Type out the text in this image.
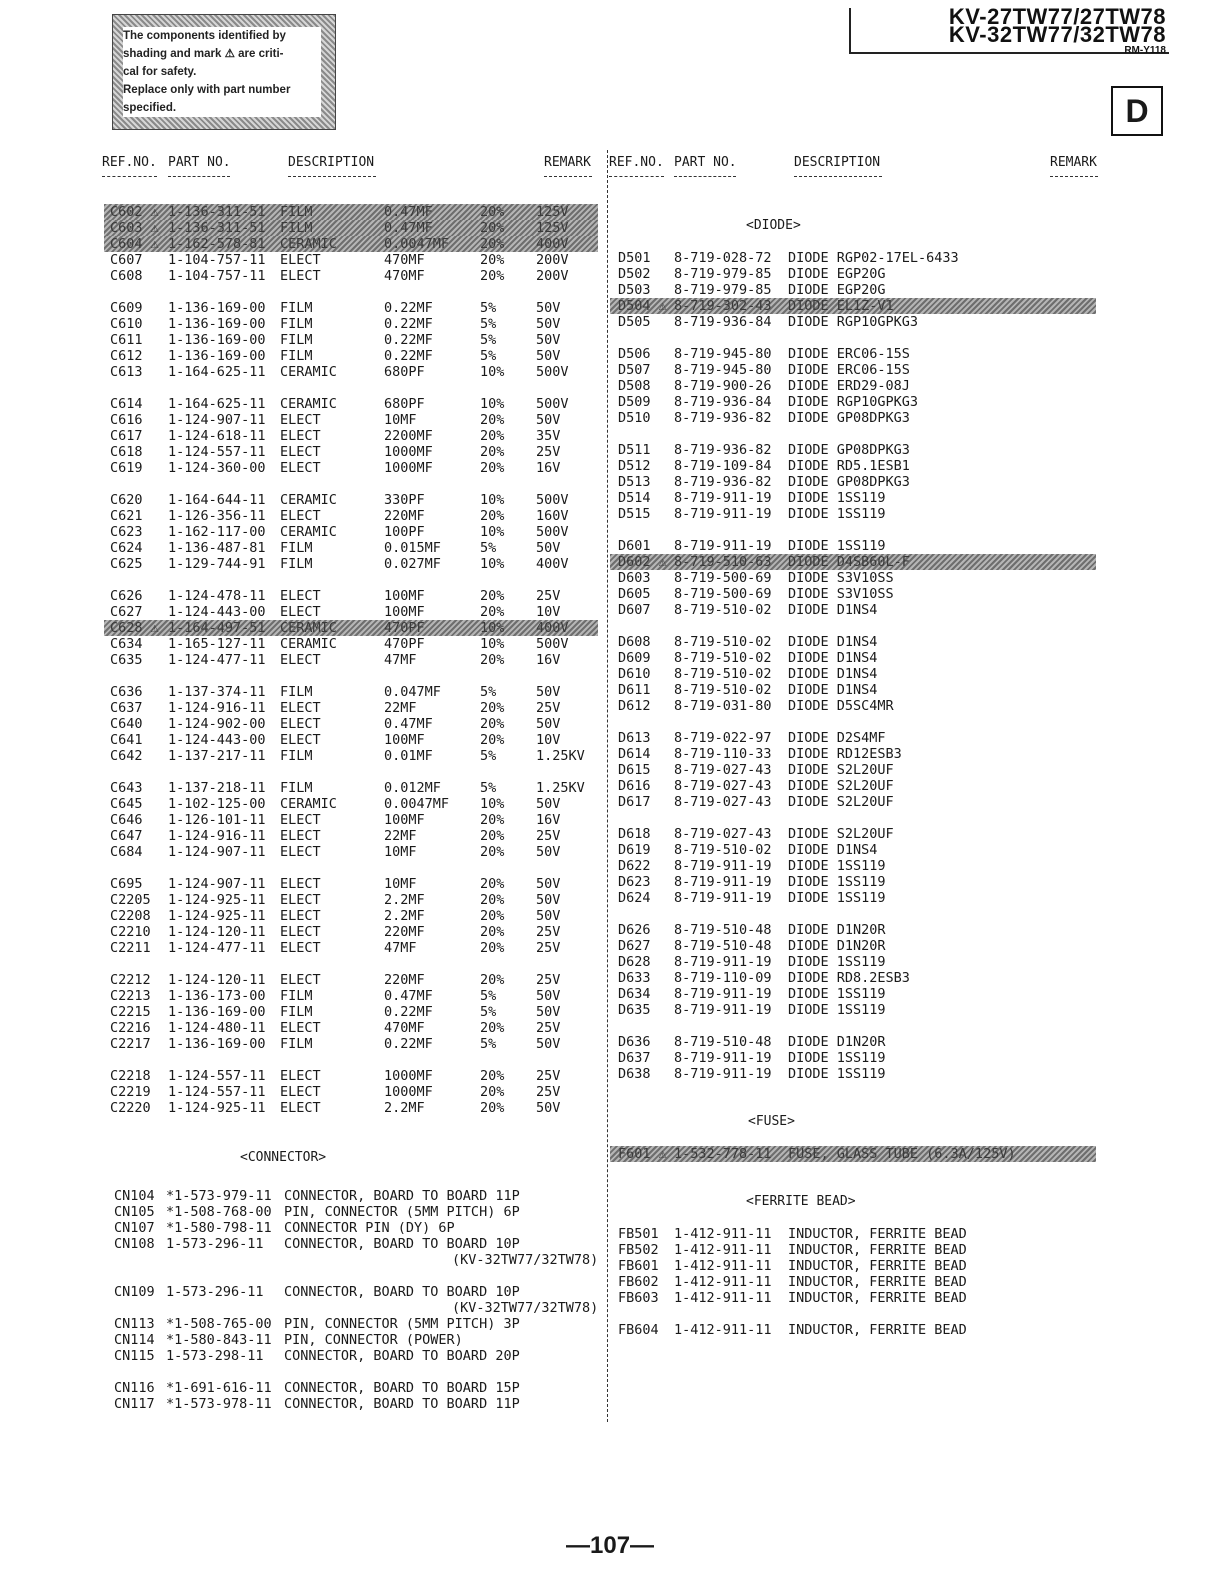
The components identified by
shading and mark ⚠ are criti-
cal for safety.
Replace only with part number
specified.
KV-27TW77/27TW78
KV-32TW77/32TW78
RM-Y118
D
REF.NO. PART NO.	DESCRIPTION	REMARK REF.NO. PART NO.	DESCRIPTION	REMARK
C602 ⚠ 1-136-311-51 FILM	0.47MF	20% 125V
C603 ⚠ 1-136-311-51 FILM	0.47MF	20% 125V
C604 ⚠ 1-162-578-81 CERAMIC	0.0047MF 20% 400V
C607 1-104-757-11 ELECT	470MF	20% 200V
C608 1-104-757-11 ELECT	470MF	20% 200V
C609 1-136-169-00 FILM	0.22MF	5%	50V
C610 1-136-169-00 FILM	0.22MF	5%	50V
C611 1-136-169-00 FILM	0.22MF	5%	50V
C612 1-136-169-00 FILM	0.22MF	5%	50V
C613 1-164-625-11 CERAMIC	680PF	10% 500V
C614 1-164-625-11 CERAMIC	680PF	10% 500V
C616 1-124-907-11 ELECT	10MF	20% 50V
C617 1-124-618-11 ELECT	2200MF	20% 35V
C618 1-124-557-11 ELECT	1000MF	20% 25V
C619 1-124-360-00 ELECT	1000MF	20% 16V
C620 1-164-644-11 CERAMIC	330PF	10% 500V
C621 1-126-356-11 ELECT	220MF	20% 160V
C623 1-162-117-00 CERAMIC	100PF	10% 500V
C624 1-136-487-81 FILM	0.015MF	5%	50V
C625 1-129-744-91 FILM	0.027MF	10% 400V
C626 1-124-478-11 ELECT	100MF	20% 25V
C627 1-124-443-00 ELECT	100MF	20% 10V
C628 ⚠ 1-164-497-51 CERAMIC	470PF	10% 400V
C634 1-165-127-11 CERAMIC	470PF	10% 500V
C635 1-124-477-11 ELECT	47MF	20% 16V
C636 1-137-374-11 FILM	0.047MF	5%	50V
C637 1-124-916-11 ELECT	22MF	20% 25V
C640 1-124-902-00 ELECT	0.47MF	20% 50V
C641 1-124-443-00 ELECT	100MF	20% 10V
C642 1-137-217-11 FILM	0.01MF	5%	1.25KV
C643 1-137-218-11 FILM	0.012MF	5%	1.25KV
C645 1-102-125-00 CERAMIC	0.0047MF 10% 50V
C646 1-126-101-11 ELECT	100MF	20% 16V
C647 1-124-916-11 ELECT	22MF	20% 25V
C684 1-124-907-11 ELECT	10MF	20% 50V
C695 1-124-907-11 ELECT	10MF	20% 50V
C2205 1-124-925-11 ELECT	2.2MF	20% 50V
C2208 1-124-925-11 ELECT	2.2MF	20% 50V
C2210 1-124-120-11 ELECT	220MF	20% 25V
C2211 1-124-477-11 ELECT	47MF	20% 25V
C2212 1-124-120-11 ELECT	220MF	20% 25V
C2213 1-136-173-00 FILM	0.47MF	5%	50V
C2215 1-136-169-00 FILM	0.22MF	5%	50V
C2216 1-124-480-11 ELECT	470MF	20% 25V
C2217 1-136-169-00 FILM	0.22MF	5%	50V
C2218 1-124-557-11 ELECT	1000MF	20% 25V
C2219 1-124-557-11 ELECT	1000MF	20% 25V
C2220 1-124-925-11 ELECT	2.2MF	20% 50V
<CONNECTOR>
CN104 *1-573-979-11 CONNECTOR, BOARD TO BOARD 11P
CN105 *1-508-768-00 PIN, CONNECTOR (5MM PITCH) 6P
CN107 *1-580-798-11 CONNECTOR PIN (DY) 6P
CN108 1-573-296-11 CONNECTOR, BOARD TO BOARD 10P
(KV-32TW77/32TW78)
CN109 1-573-296-11 CONNECTOR, BOARD TO BOARD 10P
(KV-32TW77/32TW78)
CN113 *1-508-765-00 PIN, CONNECTOR (5MM PITCH) 3P
CN114 *1-580-843-11 PIN, CONNECTOR (POWER)
CN115 1-573-298-11 CONNECTOR, BOARD TO BOARD 20P
CN116 *1-691-616-11 CONNECTOR, BOARD TO BOARD 15P
CN117 *1-573-978-11 CONNECTOR, BOARD TO BOARD 11P
<DIODE>
D501 8-719-028-72 DIODE RGP02-17EL-6433
D502 8-719-979-85 DIODE EGP20G
D503 8-719-979-85 DIODE EGP20G
D504 ⚠ 8-719-302-43 DIODE EL1Z-V1
D505 8-719-936-84 DIODE RGP10GPKG3
D506 8-719-945-80 DIODE ERC06-15S
D507 8-719-945-80 DIODE ERC06-15S
D508 8-719-900-26 DIODE ERD29-08J
D509 8-719-936-84 DIODE RGP10GPKG3
D510 8-719-936-82 DIODE GP08DPKG3
D511 8-719-936-82 DIODE GP08DPKG3
D512 8-719-109-84 DIODE RD5.1ESB1
D513 8-719-936-82 DIODE GP08DPKG3
D514 8-719-911-19 DIODE 1SS119
D515 8-719-911-19 DIODE 1SS119
D601 8-719-911-19 DIODE 1SS119
D602 ⚠ 8-719-510-63 DIODE D4SB60L-F
D603 8-719-500-69 DIODE S3V10SS
D605 8-719-500-69 DIODE S3V10SS
D607 8-719-510-02 DIODE D1NS4
D608 8-719-510-02 DIODE D1NS4
D609 8-719-510-02 DIODE D1NS4
D610 8-719-510-02 DIODE D1NS4
D611 8-719-510-02 DIODE D1NS4
D612 8-719-031-80 DIODE D5SC4MR
D613 8-719-022-97 DIODE D2S4MF
D614 8-719-110-33 DIODE RD12ESB3
D615 8-719-027-43 DIODE S2L20UF
D616 8-719-027-43 DIODE S2L20UF
D617 8-719-027-43 DIODE S2L20UF
D618 8-719-027-43 DIODE S2L20UF
D619 8-719-510-02 DIODE D1NS4
D622 8-719-911-19 DIODE 1SS119
D623 8-719-911-19 DIODE 1SS119
D624 8-719-911-19 DIODE 1SS119
D626 8-719-510-48 DIODE D1N20R
D627 8-719-510-48 DIODE D1N20R
D628 8-719-911-19 DIODE 1SS119
D633 8-719-110-09 DIODE RD8.2ESB3
D634 8-719-911-19 DIODE 1SS119
D635 8-719-911-19 DIODE 1SS119
D636 8-719-510-48 DIODE D1N20R
D637 8-719-911-19 DIODE 1SS119
D638 8-719-911-19 DIODE 1SS119
<FUSE>
F601 ⚠ 1-532-778-11 FUSE, GLASS TUBE (6.3A/125V)
<FERRITE BEAD>
FB501 1-412-911-11 INDUCTOR, FERRITE BEAD
FB502 1-412-911-11 INDUCTOR, FERRITE BEAD
FB601 1-412-911-11 INDUCTOR, FERRITE BEAD
FB602 1-412-911-11 INDUCTOR, FERRITE BEAD
FB603 1-412-911-11 INDUCTOR, FERRITE BEAD
FB604 1-412-911-11 INDUCTOR, FERRITE BEAD
—107—
